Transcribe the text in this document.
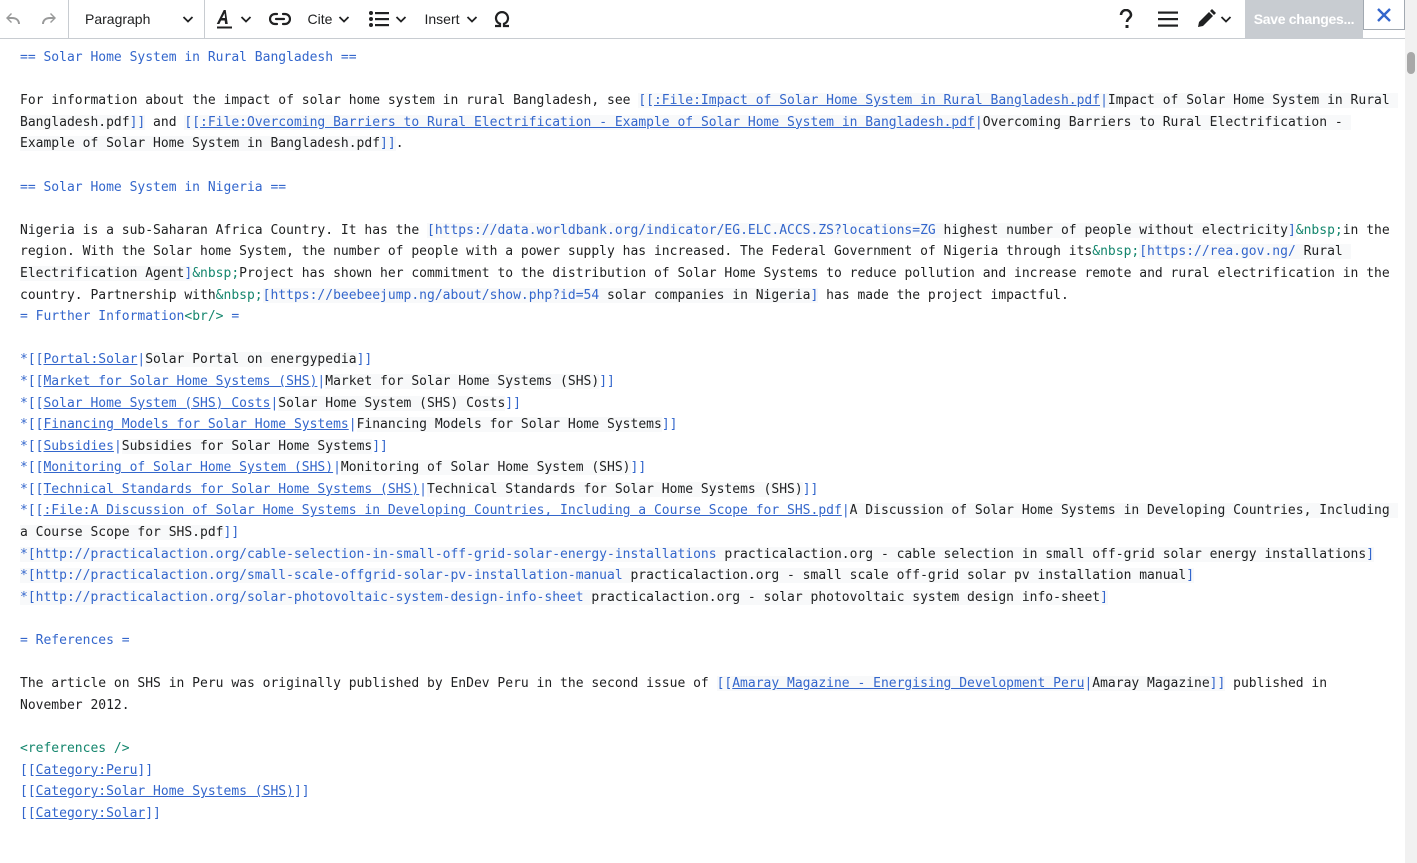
Paragraph	Cite	Insert	Save changes...
== Solar Home System in Rural Bangladesh ==
For information about the impact of solar home system in rural Bangladesh, see [[:File:Impact of Solar Home System in Rural Bangladesh.pdf|Impact of Solar Home System in Rural Bangladesh.pdf]] and [[:File:Overcoming Barriers to Rural Electrification - Example of Solar Home System in Bangladesh.pdf|Overcoming Barriers to Rural Electrification - Example of Solar Home System in Bangladesh.pdf]].
== Solar Home System in Nigeria ==
Nigeria is a sub-Saharan Africa Country. It has the [https://data.worldbank.org/indicator/EG.ELC.ACCS.ZS?locations=ZG highest number of people without electricity]&nbsp;in the region. With the Solar home System, the number of people with a power supply has increased. The Federal Government of Nigeria through its&nbsp;[https://rea.gov.ng/ Rural Electrification Agent]&nbsp;Project has shown her commitment to the distribution of Solar Home Systems to reduce pollution and increase remote and rural electrification in the country. Partnership with&nbsp;[https://beebeejump.ng/about/show.php?id=54 solar companies in Nigeria] has made the project impactful.
= Further Information<br/> =
*[[Portal:Solar|Solar Portal on energypedia]]
*[[Market for Solar Home Systems (SHS)|Market for Solar Home Systems (SHS)]]
*[[Solar Home System (SHS) Costs|Solar Home System (SHS) Costs]]
*[[Financing Models for Solar Home Systems|Financing Models for Solar Home Systems]]
*[[Subsidies|Subsidies for Solar Home Systems]]
*[[Monitoring of Solar Home System (SHS)|Monitoring of Solar Home System (SHS)]]
*[[Technical Standards for Solar Home Systems (SHS)|Technical Standards for Solar Home Systems (SHS)]]
*[[:File:A Discussion of Solar Home Systems in Developing Countries, Including a Course Scope for SHS.pdf|A Discussion of Solar Home Systems in Developing Countries, Including a Course Scope for SHS.pdf]]
*[http://practicalaction.org/cable-selection-in-small-off-grid-solar-energy-installations practicalaction.org - cable selection in small off-grid solar energy installations]
*[http://practicalaction.org/small-scale-offgrid-solar-pv-installation-manual practicalaction.org - small scale off-grid solar pv installation manual]
*[http://practicalaction.org/solar-photovoltaic-system-design-info-sheet practicalaction.org - solar photovoltaic system design info-sheet]
= References =
The article on SHS in Peru was originally published by EnDev Peru in the second issue of [[Amaray Magazine - Energising Development Peru|Amaray Magazine]] published in November 2012.
<references />
[[Category:Peru]]
[[Category:Solar Home Systems (SHS)]]
[[Category:Solar]]
